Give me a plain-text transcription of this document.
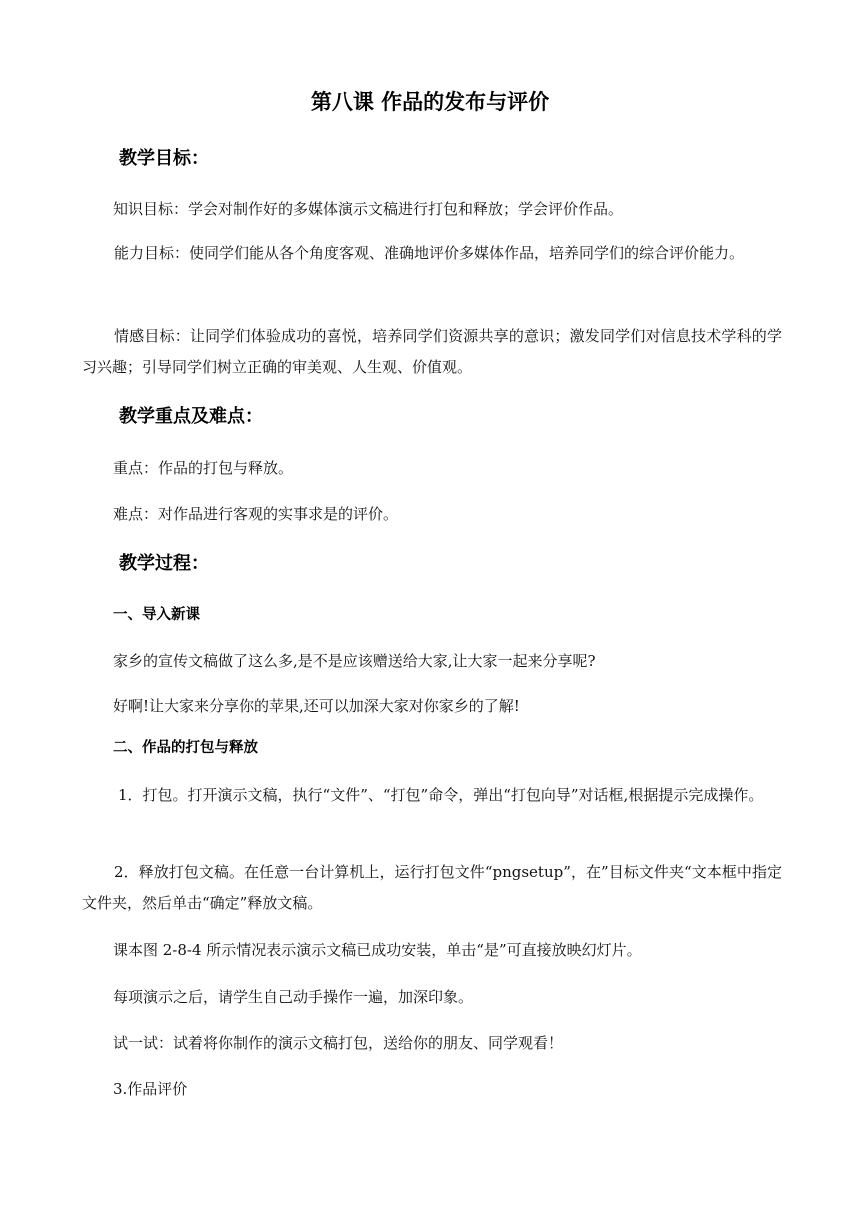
第八课 作品的发布与评价
教学目标：

知识目标：学会对制作好的多媒体演示文稿进行打包和释放；学会评价作品。

能力目标：使同学们能从各个角度客观、准确地评价多媒体作品，培养同学们的综合评价能力。

情感目标：让同学们体验成功的喜悦，培养同学们资源共享的意识；激发同学们对信息技术学科的学习兴趣；引导同学们树立正确的审美观、人生观、价值观。

教学重点及难点：

重点：作品的打包与释放。

难点：对作品进行客观的实事求是的评价。

教学过程：
一、导入新课

家乡的宣传文稿做了这么多,是不是应该赠送给大家,让大家一起来分享呢?

好啊!让大家来分享你的苹果,还可以加深大家对你家乡的了解!

二、作品的打包与释放

1．打包。打开演示文稿，执行“文件”、“打包”命令，弹出“打包向导”对话框,根据提示完成操作。

2．释放打包文稿。在任意一台计算机上，运行打包文件“pngsetup”，在”目标文件夹“文本框中指定文件夹，然后单击“确定”释放文稿。

课本图 2-8-4 所示情况表示演示文稿已成功安装，单击“是”可直接放映幻灯片。

每项演示之后，请学生自己动手操作一遍，加深印象。

试一试：试着将你制作的演示文稿打包，送给你的朋友、同学观看！

3.作品评价
